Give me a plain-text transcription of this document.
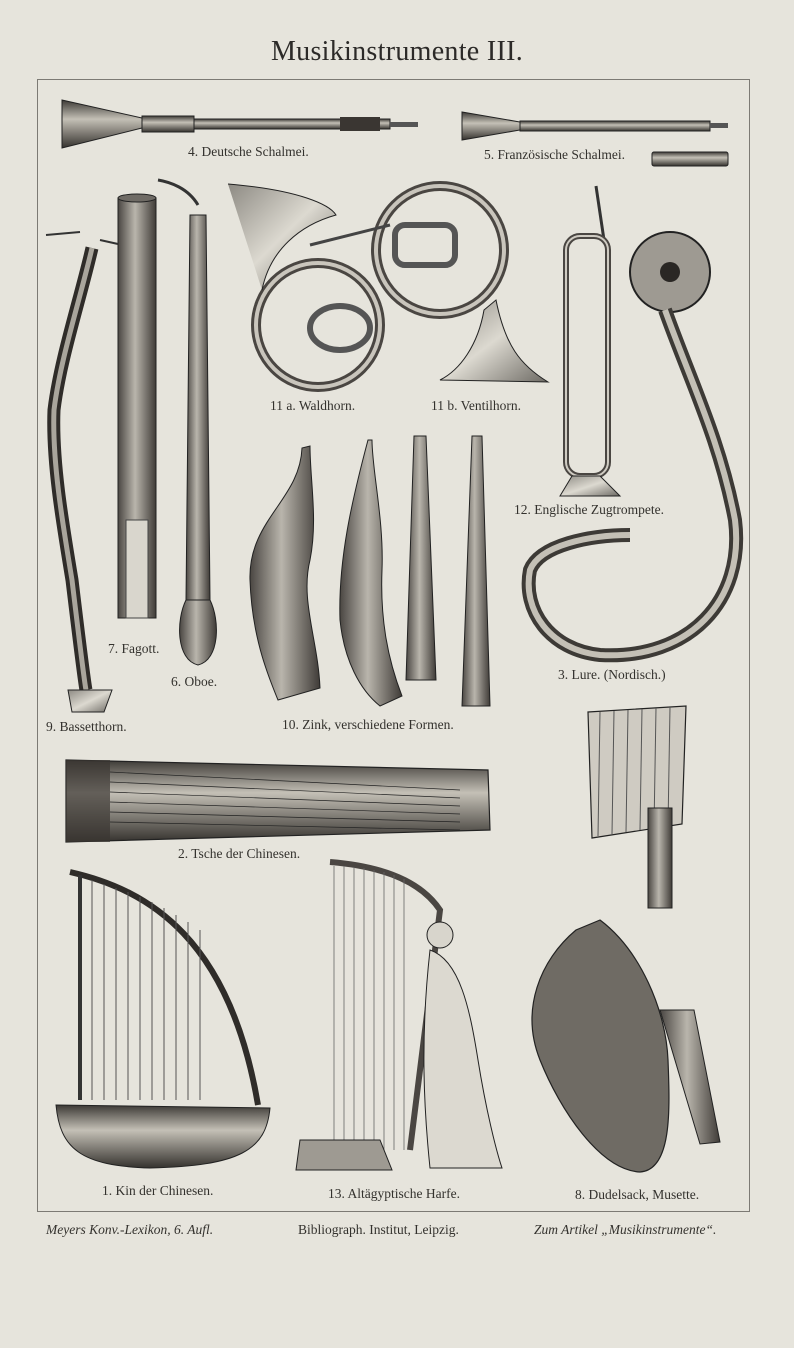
Musikinstrumente III.
4. Deutsche Schalmei.	5. Französische Schalmei.
11 a. Waldhorn.	11 b. Ventilhorn.
12. Englische Zugtrompete.
7. Fagott.
6. Oboe.	3. Lure. (Nordisch.)
9. Bassetthorn.	10. Zink, verschiedene Formen.
2. Tsche der Chinesen.
1. Kin der Chinesen.	13. Altägyptische Harfe.	8. Dudelsack, Musette.
Meyers Konv.-Lexikon, 6. Aufl.	Bibliograph. Institut, Leipzig.	Zum Artikel „Musikinstrumente“.
